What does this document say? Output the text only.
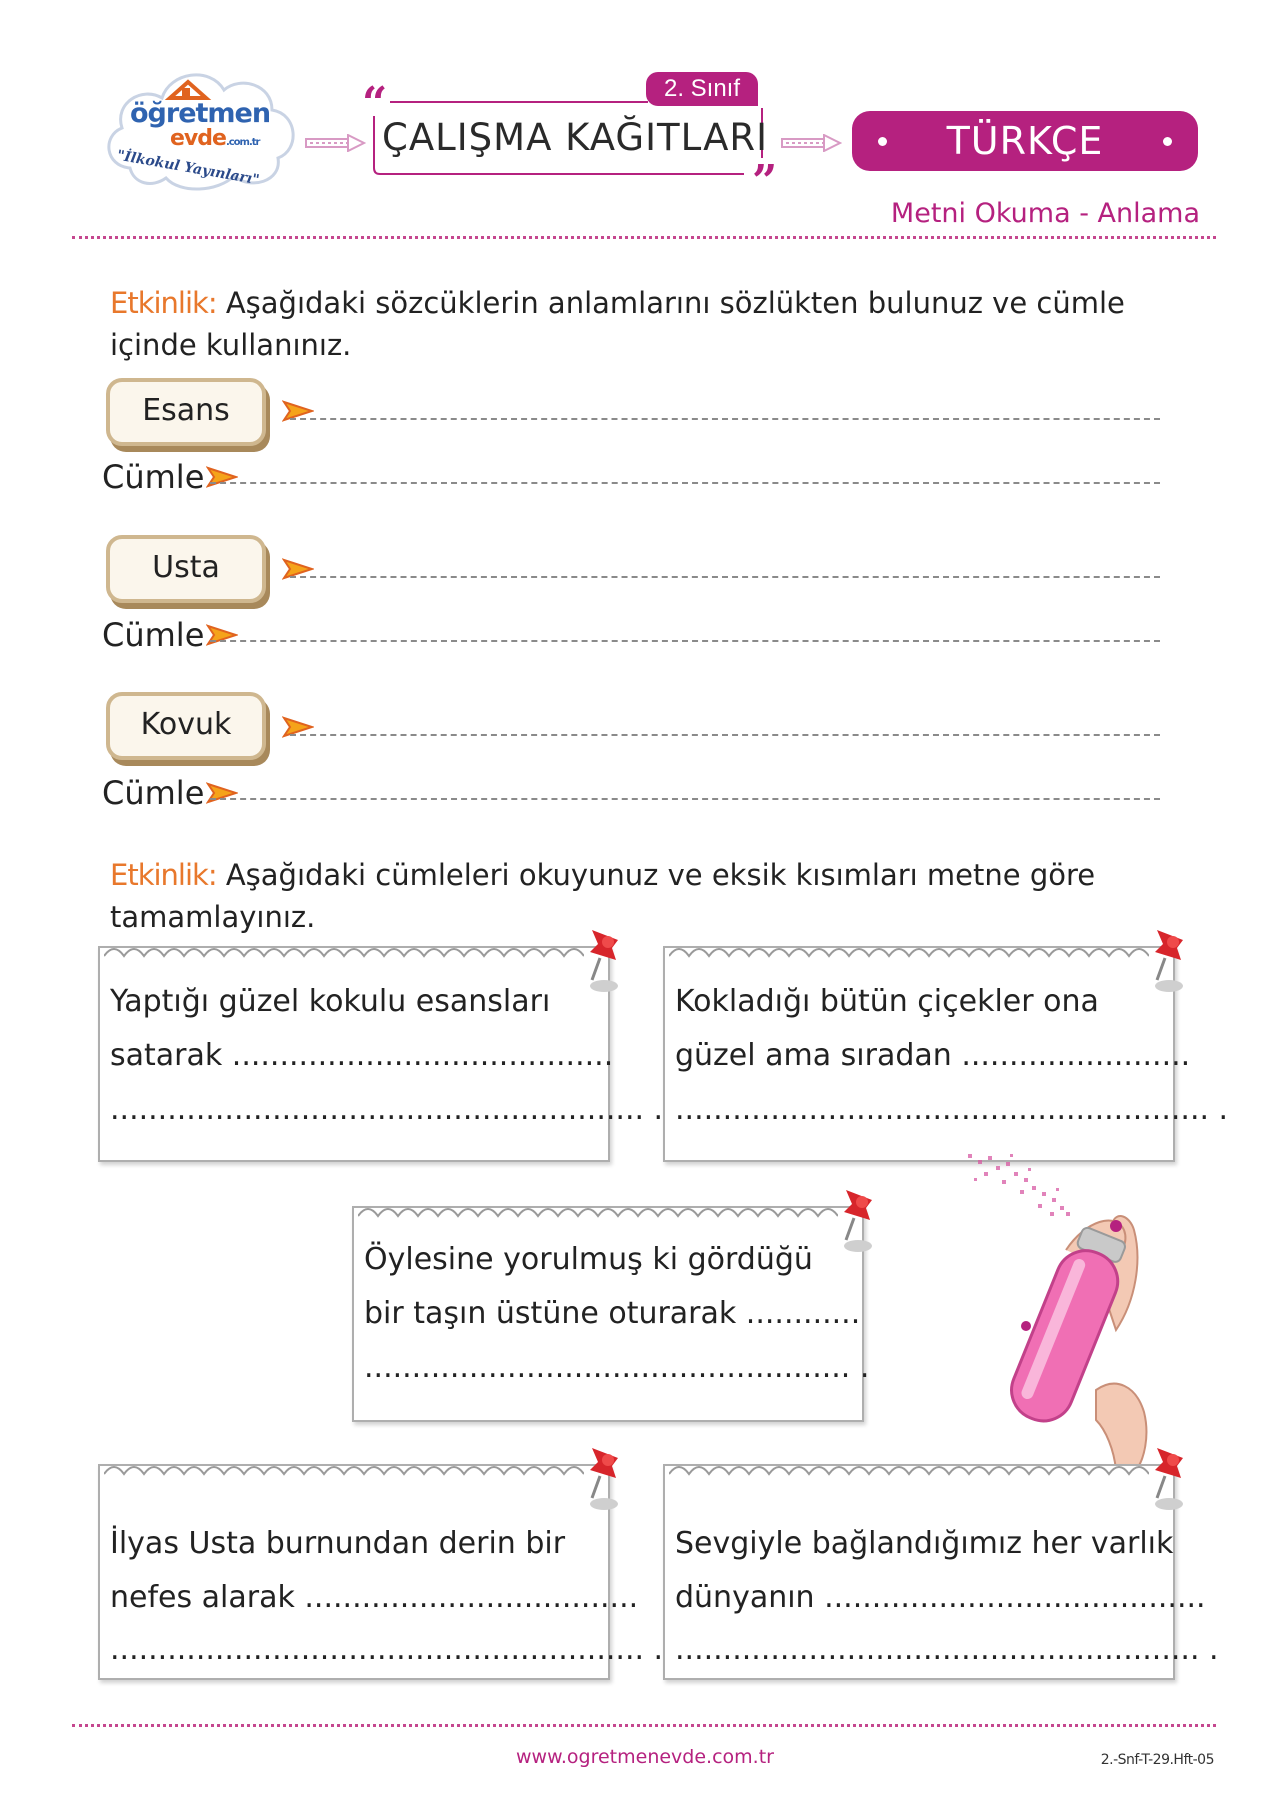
öğretmen
evde.com.tr
"İlkokul Yayınları"
2. Sınıf
“
ÇALIŞMA KAĞITLARI
”
TÜRKÇE
Metni Okuma - Anlama
Etkinlik: Aşağıdaki sözcüklerin anlamlarını sözlükten bulunuz ve cümle içinde kullanınız.
Esans
Cümle
Usta
Cümle
Kovuk
Cümle
Etkinlik: Aşağıdaki cümleleri okuyunuz ve eksik kısımları metne göre tamamlayınız.
Yaptığı güzel kokulu esansları
satarak ........................................
........................................................ .
Kokladığı bütün çiçekler ona
güzel ama sıradan ........................
........................................................ .
Öylesine yorulmuş ki gördüğü
bir taşın üstüne oturarak ............
................................................... .
İlyas Usta burnundan derin bir
nefes alarak ...................................
........................................................ .
Sevgiyle bağlandığımız her varlık
dünyanın ........................................
....................................................... .
www.ogretmenevde.com.tr	2.-Snf-T-29.Hft-05
